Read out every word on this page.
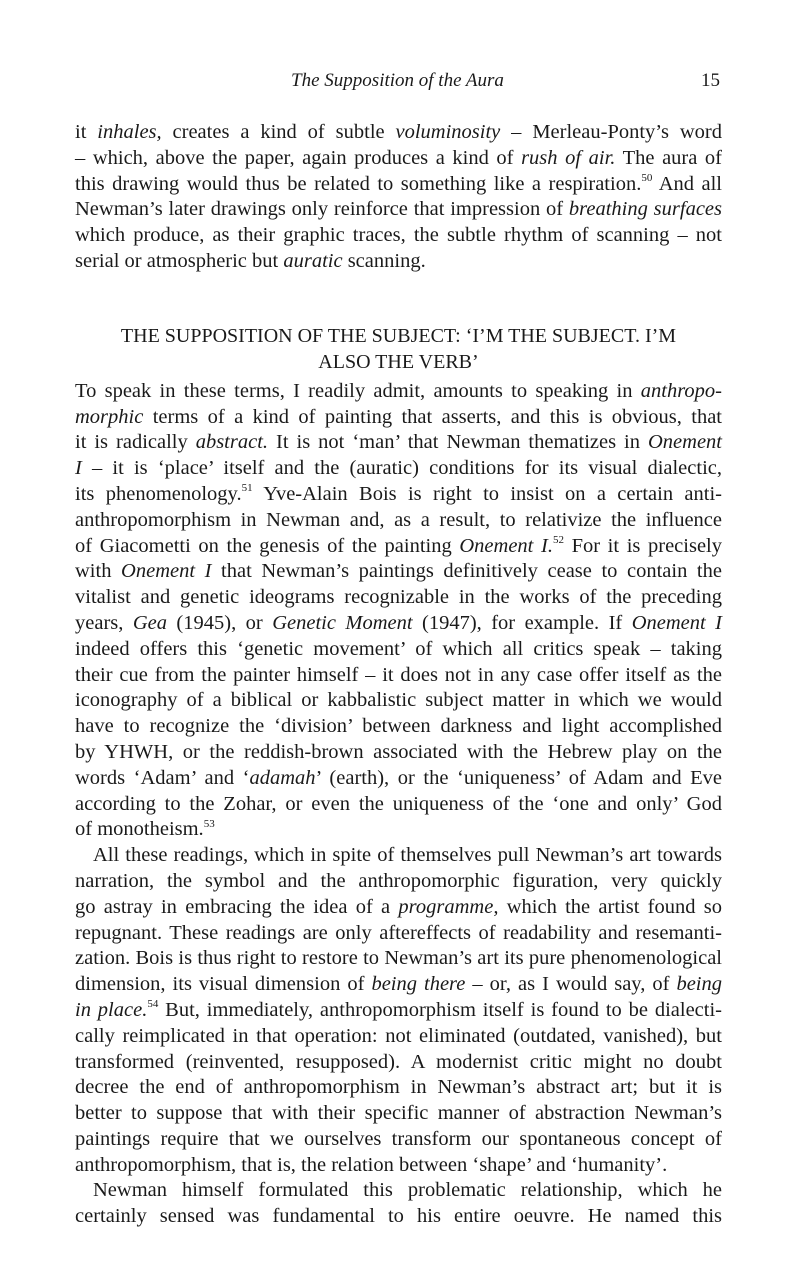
The Supposition of the Aura	15
it inhales, creates a kind of subtle voluminosity – Merleau-Ponty’s word
– which, above the paper, again produces a kind of rush of air. The aura of
this drawing would thus be related to something like a respiration.$^{50}$ And all
Newman’s later drawings only reinforce that impression of breathing surfaces
which produce, as their graphic traces, the subtle rhythm of scanning – not
serial or atmospheric but auratic scanning.
THE SUPPOSITION OF THE SUBJECT: ‘I’M THE SUBJECT. I’M
ALSO THE VERB’
To speak in these terms, I readily admit, amounts to speaking in anthropo-
morphic terms of a kind of painting that asserts, and this is obvious, that
it is radically abstract. It is not ‘man’ that Newman thematizes in Onement
I – it is ‘place’ itself and the (auratic) conditions for its visual dialectic,
its phenomenology.$^{51}$ Yve-Alain Bois is right to insist on a certain anti-
anthropomorphism in Newman and, as a result, to relativize the influence
of Giacometti on the genesis of the painting Onement I.$^{52}$ For it is precisely
with Onement I that Newman’s paintings definitively cease to contain the
vitalist and genetic ideograms recognizable in the works of the preceding
years, Gea (1945), or Genetic Moment (1947), for example. If Onement I
indeed offers this ‘genetic movement’ of which all critics speak – taking
their cue from the painter himself – it does not in any case offer itself as the
iconography of a biblical or kabbalistic subject matter in which we would
have to recognize the ‘division’ between darkness and light accomplished
by YHWH, or the reddish-brown associated with the Hebrew play on the
words ‘Adam’ and ‘adamah’ (earth), or the ‘uniqueness’ of Adam and Eve
according to the Zohar, or even the uniqueness of the ‘one and only’ God
of monotheism.$^{53}$
All these readings, which in spite of themselves pull Newman’s art towards
narration, the symbol and the anthropomorphic figuration, very quickly
go astray in embracing the idea of a programme, which the artist found so
repugnant. These readings are only aftereffects of readability and resemanti-
zation. Bois is thus right to restore to Newman’s art its pure phenomenological
dimension, its visual dimension of being there – or, as I would say, of being
in place.$^{54}$ But, immediately, anthropomorphism itself is found to be dialecti-
cally reimplicated in that operation: not eliminated (outdated, vanished), but
transformed (reinvented, resupposed). A modernist critic might no doubt
decree the end of anthropomorphism in Newman’s abstract art; but it is
better to suppose that with their specific manner of abstraction Newman’s
paintings require that we ourselves transform our spontaneous concept of
anthropomorphism, that is, the relation between ‘shape’ and ‘humanity’.
Newman himself formulated this problematic relationship, which he
certainly sensed was fundamental to his entire oeuvre. He named this
